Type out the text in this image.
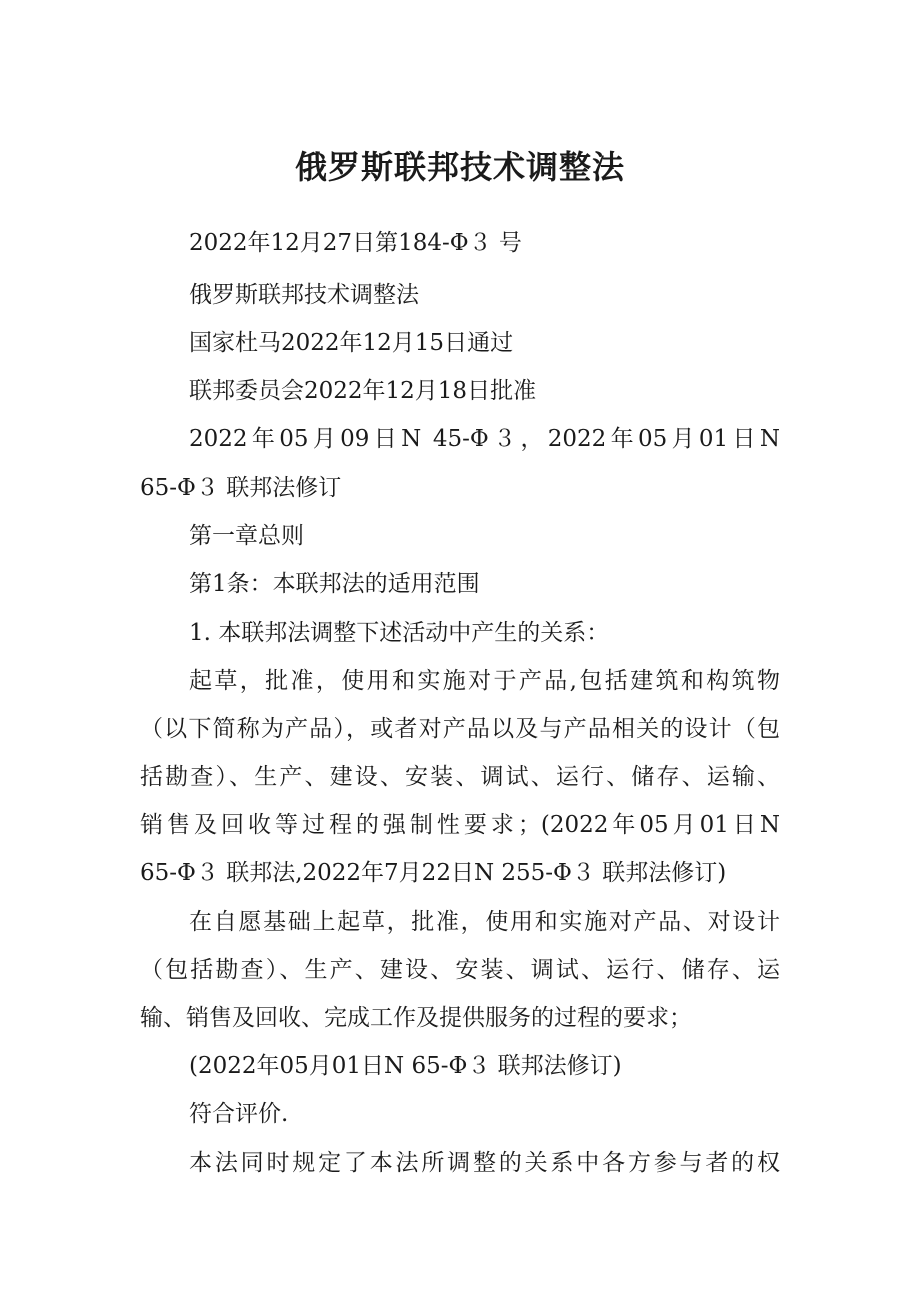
俄罗斯联邦技术调整法

2022年12月27日第184-Φ３ 号

俄罗斯联邦技术调整法

国家杜马2022年12月15日通过

联邦委员会2022年12月18日批准

2022年05月09日N 45-Φ３，2022年05月01日N

65-Φ３ 联邦法修订

第一章总则

第1条：本联邦法的适用范围

1. 本联邦法调整下述活动中产生的关系：

起草，批准，使用和实施对于产品,包括建筑和构筑物

（以下简称为产品），或者对产品以及与产品相关的设计（包

括勘查）、生产、建设、安装、调试、运行、储存、运输、

销售及回收等过程的强制性要求；(2022年05月01日N

65-Φ３ 联邦法,2022年7月22日N 255-Φ３ 联邦法修订)

在自愿基础上起草，批准，使用和实施对产品、对设计

（包括勘查）、生产、建设、安装、调试、运行、储存、运

输、销售及回收、完成工作及提供服务的过程的要求；

(2022年05月01日N 65-Φ３ 联邦法修订)

符合评价.

本法同时规定了本法所调整的关系中各方参与者的权
